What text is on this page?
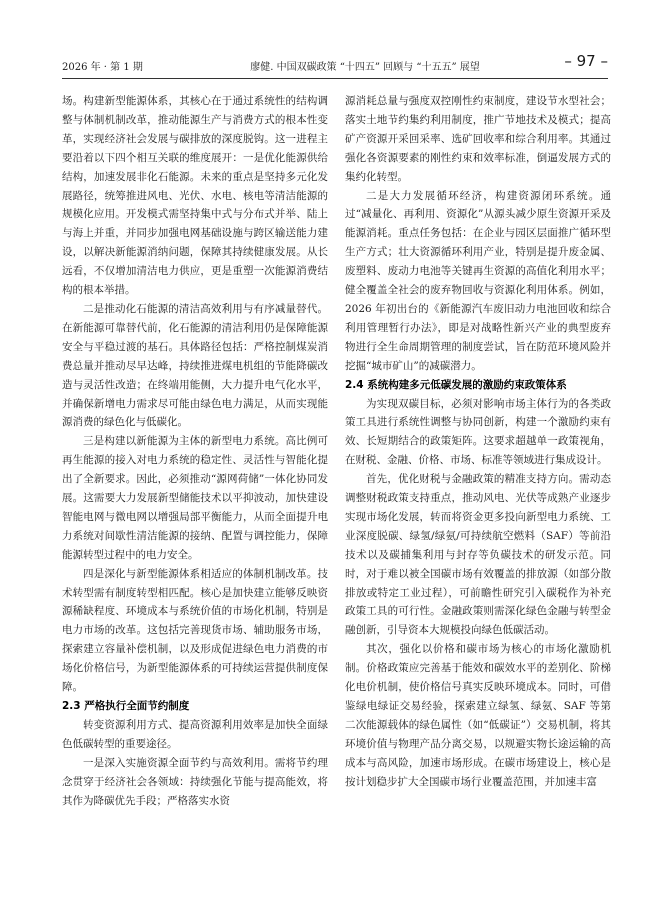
2026 年 · 第 1 期	廖健. 中国双碳政策 “十四五” 回顾与 “十五五” 展望	– 97 –

场。构建新型能源体系，其核心在于通过系统性的结构调整与体制机制改革，推动能源生产与消费方式的根本性变革，实现经济社会发展与碳排放的深度脱钩。这一进程主要沿着以下四个相互关联的维度展开：一是优化能源供给结构，加速发展非化石能源。未来的重点是坚持多元化发展路径，统筹推进风电、光伏、水电、核电等清洁能源的规模化应用。开发模式需坚持集中式与分布式并举、陆上与海上并重，并同步加强电网基础设施与跨区输送能力建设，以解决新能源消纳问题，保障其持续健康发展。从长远看，不仅增加清洁电力供应，更是重塑一次能源消费结构的根本举措。

二是推动化石能源的清洁高效利用与有序减量替代。在新能源可靠替代前，化石能源的清洁利用仍是保障能源安全与平稳过渡的基石。具体路径包括：严格控制煤炭消费总量并推动尽早达峰，持续推进煤电机组的节能降碳改造与灵活性改造；在终端用能侧，大力提升电气化水平，并确保新增电力需求尽可能由绿色电力满足，从而实现能源消费的绿色化与低碳化。

三是构建以新能源为主体的新型电力系统。高比例可再生能源的接入对电力系统的稳定性、灵活性与智能化提出了全新要求。因此，必须推动“源网荷储”一体化协同发展。这需要大力发展新型储能技术以平抑波动，加快建设智能电网与微电网以增强局部平衡能力，从而全面提升电力系统对间歇性清洁能源的接纳、配置与调控能力，保障能源转型过程中的电力安全。

四是深化与新型能源体系相适应的体制机制改革。技术转型需有制度转型相匹配。核心是加快建立能够反映资源稀缺程度、环境成本与系统价值的市场化机制，特别是电力市场的改革。这包括完善现货市场、辅助服务市场，探索建立容量补偿机制，以及形成促进绿色电力消费的市场化价格信号，为新型能源体系的可持续运营提供制度保障。

2.3 严格执行全面节约制度

转变资源利用方式、提高资源利用效率是加快全面绿色低碳转型的重要途径。

一是深入实施资源全面节约与高效利用。需将节约理念贯穿于经济社会各领域：持续强化节能与提高能效，将其作为降碳优先手段；严格落实水资

源消耗总量与强度双控刚性约束制度，建设节水型社会；落实土地节约集约利用制度，推广节地技术及模式；提高矿产资源开采回采率、选矿回收率和综合利用率。其通过强化各资源要素的刚性约束和效率标准，倒逼发展方式的集约化转型。

二是大力发展循环经济，构建资源闭环系统。通过“减量化、再利用、资源化”从源头减少原生资源开采及能源消耗。重点任务包括：在企业与园区层面推广循环型生产方式；壮大资源循环利用产业，特别是提升废金属、废塑料、废动力电池等关键再生资源的高值化利用水平；健全覆盖全社会的废弃物回收与资源化利用体系。例如，2026 年初出台的《新能源汽车废旧动力电池回收和综合利用管理暂行办法》，即是对战略性新兴产业的典型废弃物进行全生命周期管理的制度尝试，旨在防范环境风险并挖掘“城市矿山”的减碳潜力。

2.4 系统构建多元低碳发展的激励约束政策体系

为实现双碳目标，必须对影响市场主体行为的各类政策工具进行系统性调整与协同创新，构建一个激励约束有效、长短期结合的政策矩阵。这要求超越单一政策视角，在财税、金融、价格、市场、标准等领域进行集成设计。

首先，优化财税与金融政策的精准支持方向。需动态调整财税政策支持重点，推动风电、光伏等成熟产业逐步实现市场化发展，转而将资金更多投向新型电力系统、工业深度脱碳、绿氢/绿氨/可持续航空燃料（SAF）等前沿技术以及碳捕集利用与封存等负碳技术的研发示范。同时，对于难以被全国碳市场有效覆盖的排放源（如部分散排放或特定工业过程），可前瞻性研究引入碳税作为补充政策工具的可行性。金融政策则需深化绿色金融与转型金融创新，引导资本大规模投向绿色低碳活动。

其次，强化以价格和碳市场为核心的市场化激励机制。价格政策应完善基于能效和碳效水平的差别化、阶梯化电价机制，使价格信号真实反映环境成本。同时，可借鉴绿电绿证交易经验，探索建立绿氢、绿氨、SAF 等第二次能源载体的绿色属性（如“低碳证”）交易机制，将其环境价值与物理产品分离交易，以规避实物长途运输的高成本与高风险，加速市场形成。在碳市场建设上，核心是按计划稳步扩大全国碳市场行业覆盖范围，并加速丰富
